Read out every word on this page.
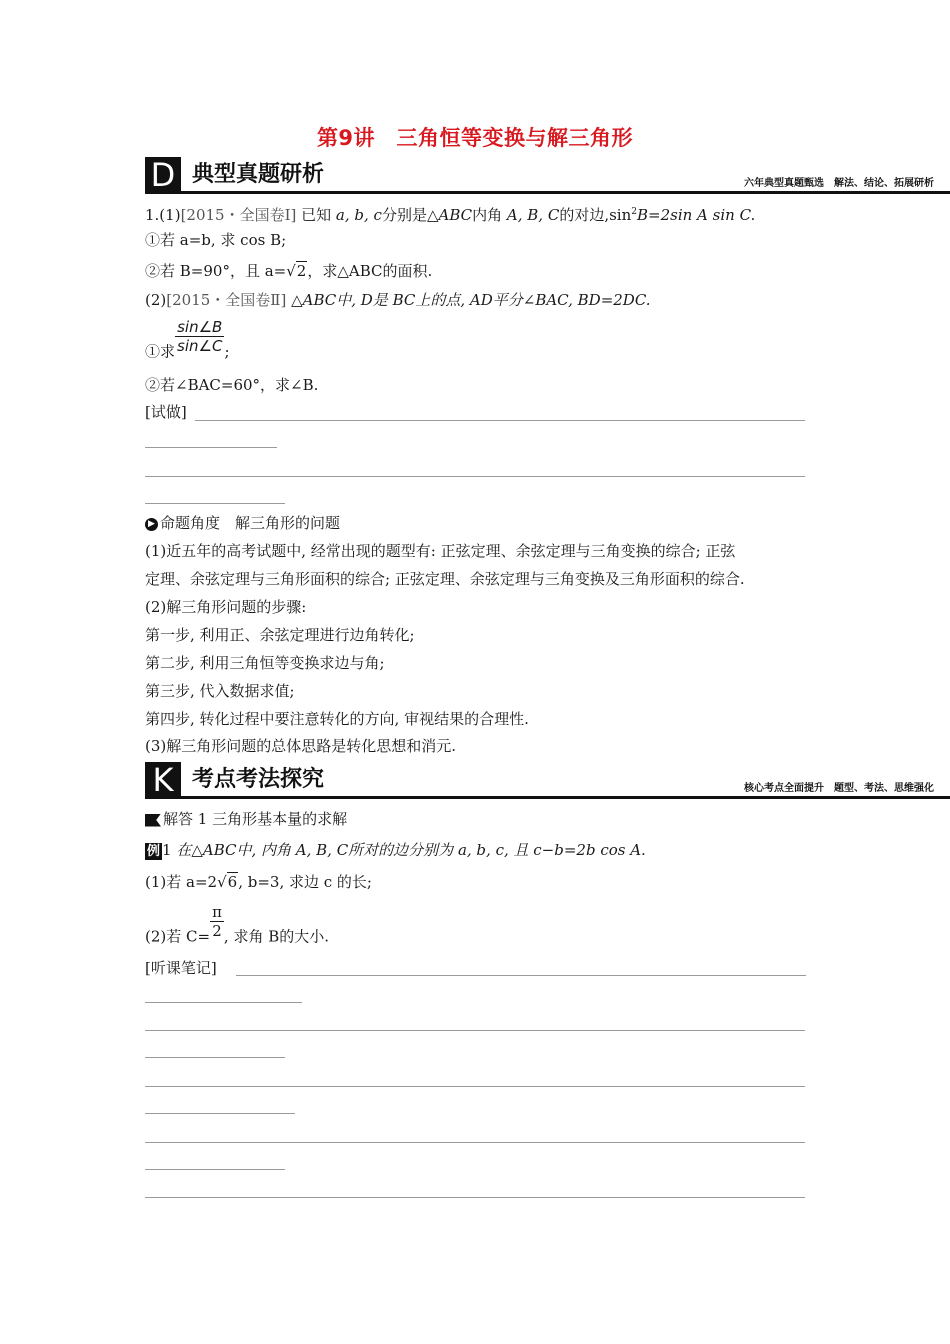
第9讲　三角恒等变换与解三角形
D 典型真题研析	六年典型真题甄选　解法、结论、拓展研析
1.(1)[2015・全国卷Ⅰ] 已知 a, b, c分别是△ABC内角 A, B, C的对边$,\sin^2B=2\sin$ A sin C.
①若 a=b, 求 cos B;
②若 B=90°，且 a=√2，求△ABC的面积.
(2)[2015・全国卷Ⅱ] △ABC中, D是 BC上的点, AD平分∠BAC, BD=2DC.
①求 $\frac{\sin\angle B}{\sin\angle C}$ ;
②若∠BAC=60°，求∠B.
[试做]
▶ 命题角度　解三角形的问题
(1)近五年的高考试题中, 经常出现的题型有: 正弦定理、余弦定理与三角变换的综合; 正弦
定理、余弦定理与三角形面积的综合; 正弦定理、余弦定理与三角变换及三角形面积的综合.
(2)解三角形问题的步骤:
第一步, 利用正、余弦定理进行边角转化;
第二步, 利用三角恒等变换求边与角;
第三步, 代入数据求值;
第四步, 转化过程中要注意转化的方向, 审视结果的合理性.
(3)解三角形问题的总体思路是转化思想和消元.
K 考点考法探究	核心考点全面提升　题型、考法、思维强化
解答 1 三角形基本量的求解
例 1 在△ABC中, 内角 A, B, C所对的边分别为 a, b, c, 且 c−b=2b cos A.
(1)若 a=2√6, b=3, 求边 c 的长;
(2)若 $C= \frac{\pi}{2}$ , 求角 B的大小.
[听课笔记]
